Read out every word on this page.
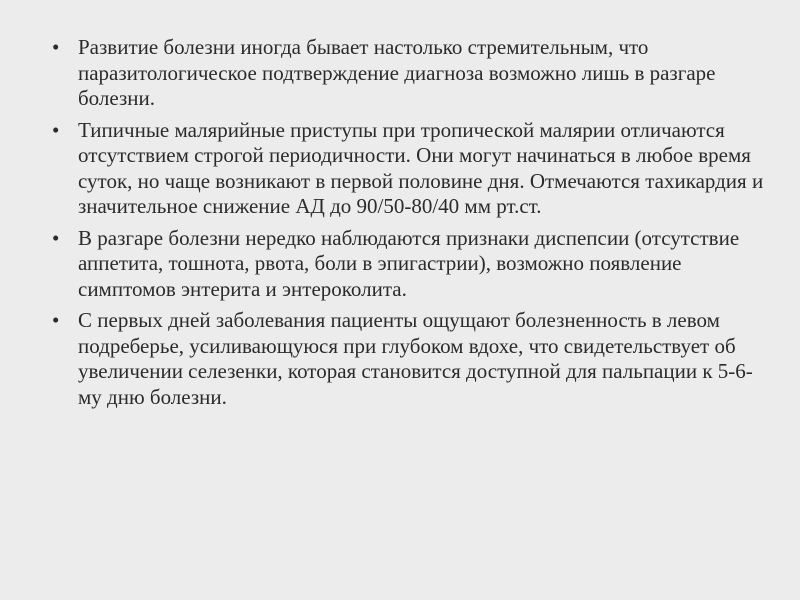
• Развитие болезни иногда бывает настолько стремительным, что паразитологическое подтверждение диагноза возможно лишь в разгаре болезни.
• Типичные малярийные приступы при тропической малярии отличаются отсутствием строгой периодичности. Они могут начинаться в любое время суток, но чаще возникают в первой половине дня. Отмечаются тахикардия и значительное снижение АД до 90/50-80/40 мм рт.ст.
• В разгаре болезни нередко наблюдаются признаки диспепсии (отсутствие аппетита, тошнота, рвота, боли в эпигастрии), возможно появление симптомов энтерита и энтероколита.
• С первых дней заболевания пациенты ощущают болезненность в левом подреберье, усиливающуюся при глубоком вдохе, что свидетельствует об увеличении селезенки, которая становится доступной для пальпации к 5-6-му дню болезни.
